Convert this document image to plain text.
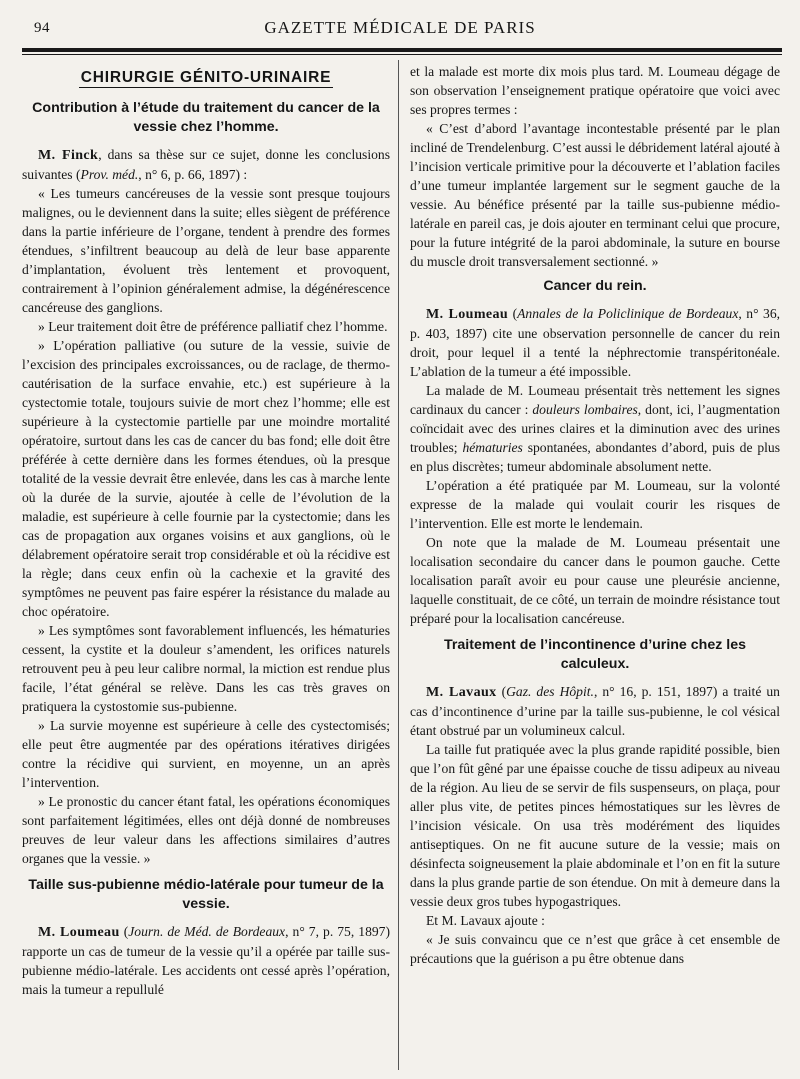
94	GAZETTE MÉDICALE DE PARIS
CHIRURGIE GÉNITO-URINAIRE
Contribution à l’étude du traitement du cancer de la vessie chez l’homme.

M. Finck, dans sa thèse sur ce sujet, donne les conclusions suivantes (Prov. méd., n° 6, p. 66, 1897) :

« Les tumeurs cancéreuses de la vessie sont presque toujours malignes, ou le deviennent dans la suite; elles siègent de préférence dans la partie inférieure de l’organe, tendent à prendre des formes étendues, s’infiltrent beaucoup au delà de leur base apparente d’implantation, évoluent très lentement et provoquent, contrairement à l’opinion généralement admise, la dégénérescence cancéreuse des ganglions.

» Leur traitement doit être de préférence palliatif chez l’homme.

» L’opération palliative (ou suture de la vessie, suivie de l’excision des principales excroissances, ou de raclage, de thermo-cautérisation de la surface envahie, etc.) est supérieure à la cystectomie totale, toujours suivie de mort chez l’homme; elle est supérieure à la cystectomie partielle par une moindre mortalité opératoire, surtout dans les cas de cancer du bas fond; elle doit être préférée à cette dernière dans les formes étendues, où la presque totalité de la vessie devrait être enlevée, dans les cas à marche lente où la durée de la survie, ajoutée à celle de l’évolution de la maladie, est supérieure à celle fournie par la cystectomie; dans les cas de propagation aux organes voisins et aux ganglions, où le délabrement opératoire serait trop considérable et où la récidive est la règle; dans ceux enfin où la cachexie et la gravité des symptômes ne peuvent pas faire espérer la résistance du malade au choc opératoire.

» Les symptômes sont favorablement influencés, les hématuries cessent, la cystite et la douleur s’amendent, les orifices naturels retrouvent peu à peu leur calibre normal, la miction est rendue plus facile, l’état général se relève. Dans les cas très graves on pratiquera la cystostomie sus-pubienne.

» La survie moyenne est supérieure à celle des cystectomisés; elle peut être augmentée par des opérations itératives dirigées contre la récidive qui survient, en moyenne, un an après l’intervention.

» Le pronostic du cancer étant fatal, les opérations économiques sont parfaitement légitimées, elles ont déjà donné de nombreuses preuves de leur valeur dans les affections similaires d’autres organes que la vessie. »

Taille sus-pubienne médio-latérale pour tumeur de la vessie.

M. Loumeau (Journ. de Méd. de Bordeaux, n° 7, p. 75, 1897) rapporte un cas de tumeur de la vessie qu’il a opérée par taille sus-pubienne médio-latérale. Les accidents ont cessé après l’opération, mais la tumeur a repullulé

et la malade est morte dix mois plus tard. M. Loumeau dégage de son observation l’enseignement pratique opératoire que voici avec ses propres termes :

« C’est d’abord l’avantage incontestable présenté par le plan incliné de Trendelenburg. C’est aussi le débridement latéral ajouté à l’incision verticale primitive pour la découverte et l’ablation faciles d’une tumeur implantée largement sur le segment gauche de la vessie. Au bénéfice présenté par la taille sus-pubienne médio-latérale en pareil cas, je dois ajouter en terminant celui que procure, pour la future intégrité de la paroi abdominale, la suture en bourse du muscle droit transversalement sectionné. »

Cancer du rein.

M. Loumeau (Annales de la Policlinique de Bordeaux, n° 36, p. 403, 1897) cite une observation personnelle de cancer du rein droit, pour lequel il a tenté la néphrectomie transpéritonéale. L’ablation de la tumeur a été impossible.

La malade de M. Loumeau présentait très nettement les signes cardinaux du cancer : douleurs lombaires, dont, ici, l’augmentation coïncidait avec des urines claires et la diminution avec des urines troubles; hématuries spontanées, abondantes d’abord, puis de plus en plus discrètes; tumeur abdominale absolument nette.

L’opération a été pratiquée par M. Loumeau, sur la volonté expresse de la malade qui voulait courir les risques de l’intervention. Elle est morte le lendemain.

On note que la malade de M. Loumeau présentait une localisation secondaire du cancer dans le poumon gauche. Cette localisation paraît avoir eu pour cause une pleurésie ancienne, laquelle constituait, de ce côté, un terrain de moindre résistance tout préparé pour la localisation cancéreuse.

Traitement de l’incontinence d’urine chez les calculeux.

M. Lavaux (Gaz. des Hôpit., n° 16, p. 151, 1897) a traité un cas d’incontinence d’urine par la taille sus-pubienne, le col vésical étant obstrué par un volumineux calcul.

La taille fut pratiquée avec la plus grande rapidité possible, bien que l’on fût gêné par une épaisse couche de tissu adipeux au niveau de la région. Au lieu de se servir de fils suspenseurs, on plaça, pour aller plus vite, de petites pinces hémostatiques sur les lèvres de l’incision vésicale. On usa très modérément des liquides antiseptiques. On ne fit aucune suture de la vessie; mais on désinfecta soigneusement la plaie abdominale et l’on en fit la suture dans la plus grande partie de son étendue. On mit à demeure dans la vessie deux gros tubes hypogastriques.

Et M. Lavaux ajoute :

« Je suis convaincu que ce n’est que grâce à cet ensemble de précautions que la guérison a pu être obtenue dans
